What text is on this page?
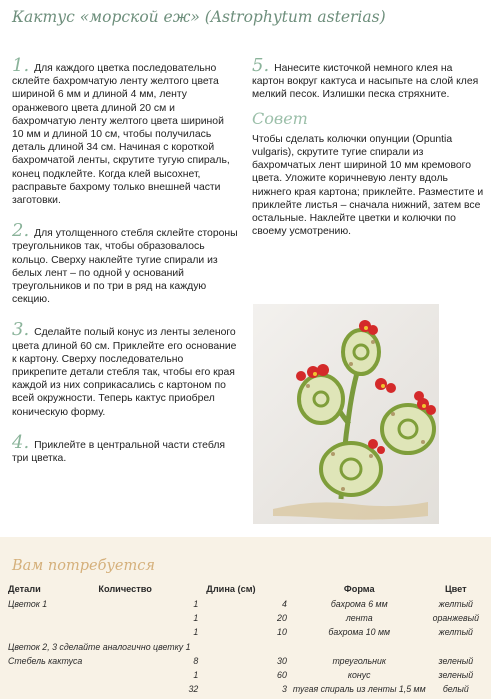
Кактус «морской еж» (Astrophytum asterias)

1. Для каждого цветка последовательно склейте бахромчатую ленту желтого цвета шириной 6 мм и длиной 4 мм, ленту оранжевого цвета длиной 20 см и бахромчатую ленту желтого цвета шириной 10 мм и длиной 10 см, чтобы получилась деталь длиной 34 см. Начиная с короткой бахромчатой ленты, скрутите тугую спираль, конец подклейте. Когда клей высохнет, расправьте бахрому только внешней части заготовки.

2. Для утолщенного стебля склейте стороны треугольников так, чтобы образовалось кольцо. Сверху наклейте тугие спирали из белых лент – по одной у оснований треугольников и по три в ряд на каждую секцию.

3. Сделайте полый конус из ленты зеленого цвета длиной 60 см. Приклейте его основание к картону. Сверху последовательно прикрепите детали стебля так, чтобы его края каждой из них соприкасались с картоном по всей окружности. Теперь кактус приобрел коническую форму.

4. Приклейте в центральной части стебля три цветка.

5. Нанесите кисточкой немного клея на картон вокруг кактуса и насыпьте на слой клея мелкий песок. Излишки песка стряхните.

Совет

Чтобы сделать колючки опунции (Opuntia vulgaris), скрутите тугие спирали из бахромчатых лент шириной 10 мм кремового цвета. Уложите коричневую ленту вдоль нижнего края картона; приклейте. Разместите и приклейте листья – сначала нижний, затем все остальные. Наклейте цветки и колючки по своему усмотрению.

Вам потребуется
Детали	Количество	Длина (см)	Форма	Цвет
Цветок 1	1	4	бахрома 6 мм	желтый
	1	20	лента	оранжевый
	1	10	бахрома 10 мм	желтый
Цветок 2, 3 сделайте аналогично цветку 1				
Стебель кактуса	8	30	треугольник	зеленый
	1	60	конус	зеленый
	32	3	тугая спираль из ленты 1,5 мм	белый
